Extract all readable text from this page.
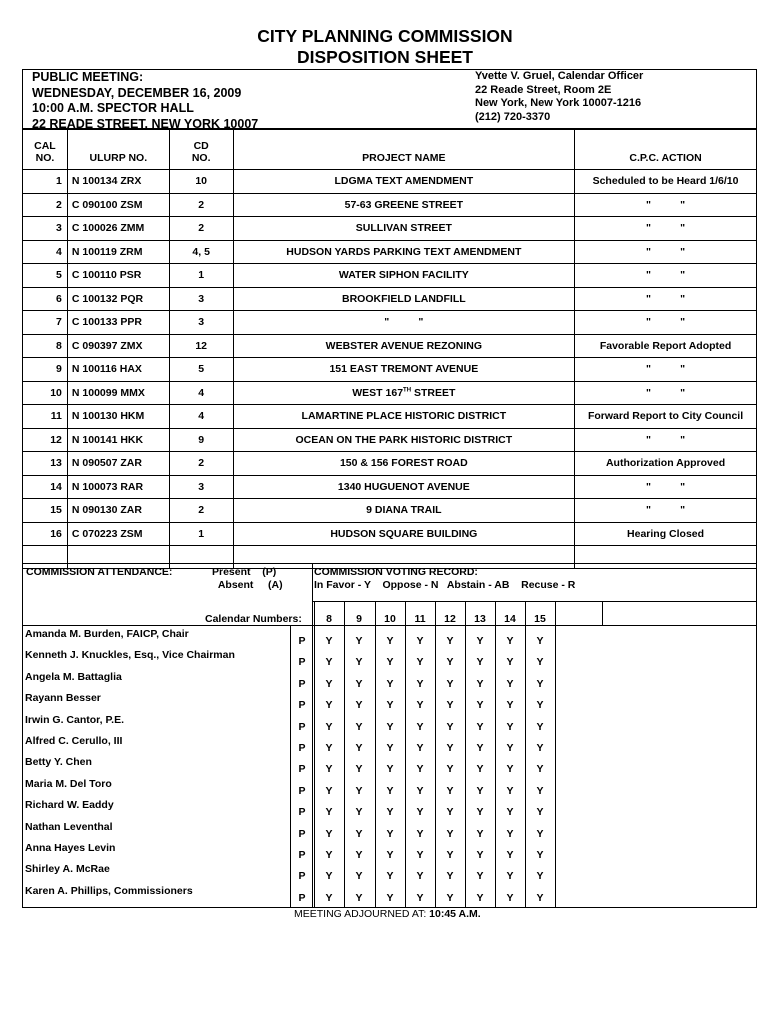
CITY PLANNING COMMISSION
DISPOSITION SHEET
PUBLIC MEETING:
WEDNESDAY, DECEMBER 16, 2009
10:00 A.M. SPECTOR HALL
22 READE STREET, NEW YORK 10007
Yvette V. Gruel, Calendar Officer
22 Reade Street, Room 2E
New York, New York 10007-1216
(212) 720-3370
CAL
NO.	ULURP NO.	CD
NO.	PROJECT NAME	C.P.C. ACTION
1	N 100134 ZRX	10	LDGMA TEXT AMENDMENT	Scheduled to be Heard 1/6/10
2	C 090100 ZSM	2	57-63 GREENE STREET	"          "
3	C 100026 ZMM	2	SULLIVAN STREET	"          "
4	N 100119 ZRM	4, 5	HUDSON YARDS PARKING TEXT AMENDMENT	"          "
5	C 100110 PSR	1	WATER SIPHON FACILITY	"          "
6	C 100132 PQR	3	BROOKFIELD LANDFILL	"          "
7	C 100133 PPR	3	"          "	"          "
8	C 090397 ZMX	12	WEBSTER AVENUE REZONING	Favorable Report Adopted
9	N 100116 HAX	5	151 EAST TREMONT AVENUE	"          "
10	N 100099 MMX	4	WEST 167TH STREET	"          "
11	N 100130 HKM	4	LAMARTINE PLACE HISTORIC DISTRICT	Forward Report to City Council
12	N 100141 HKK	9	OCEAN ON THE PARK HISTORIC DISTRICT	"          "
13	N 090507 ZAR	2	150 & 156 FOREST ROAD	Authorization Approved
14	N 100073 RAR	3	1340 HUGUENOT AVENUE	"          "
15	N 090130 ZAR	2	9 DIANA TRAIL	"          "
16	C 070223 ZSM	1	HUDSON SQUARE BUILDING	Hearing Closed

COMMISSION ATTENDANCE:	Present (P)
Absent (A)
COMMISSION VOTING RECORD:
In Favor - Y    Oppose - N   Abstain - AB    Recuse - R
Calendar Numbers:	8	9	10	11	12	13	14	15
Amanda M. Burden, FAICP, Chair
P	Y	Y	Y	Y	Y	Y	Y	Y
Kenneth J. Knuckles, Esq., Vice Chairman
P	Y	Y	Y	Y	Y	Y	Y	Y
Angela M. Battaglia
P	Y	Y	Y	Y	Y	Y	Y	Y
Rayann Besser
P	Y	Y	Y	Y	Y	Y	Y	Y
Irwin G. Cantor, P.E.
P	Y	Y	Y	Y	Y	Y	Y	Y
Alfred C. Cerullo, III
P	Y	Y	Y	Y	Y	Y	Y	Y
Betty Y. Chen
P	Y	Y	Y	Y	Y	Y	Y	Y
Maria M. Del Toro
P	Y	Y	Y	Y	Y	Y	Y	Y
Richard W. Eaddy
P	Y	Y	Y	Y	Y	Y	Y	Y
Nathan Leventhal
P	Y	Y	Y	Y	Y	Y	Y	Y
Anna Hayes Levin
P	Y	Y	Y	Y	Y	Y	Y	Y
Shirley A. McRae
P	Y	Y	Y	Y	Y	Y	Y	Y
Karen A. Phillips, Commissioners
P	Y	Y	Y	Y	Y	Y	Y	Y
MEETING ADJOURNED AT: 10:45 A.M.
